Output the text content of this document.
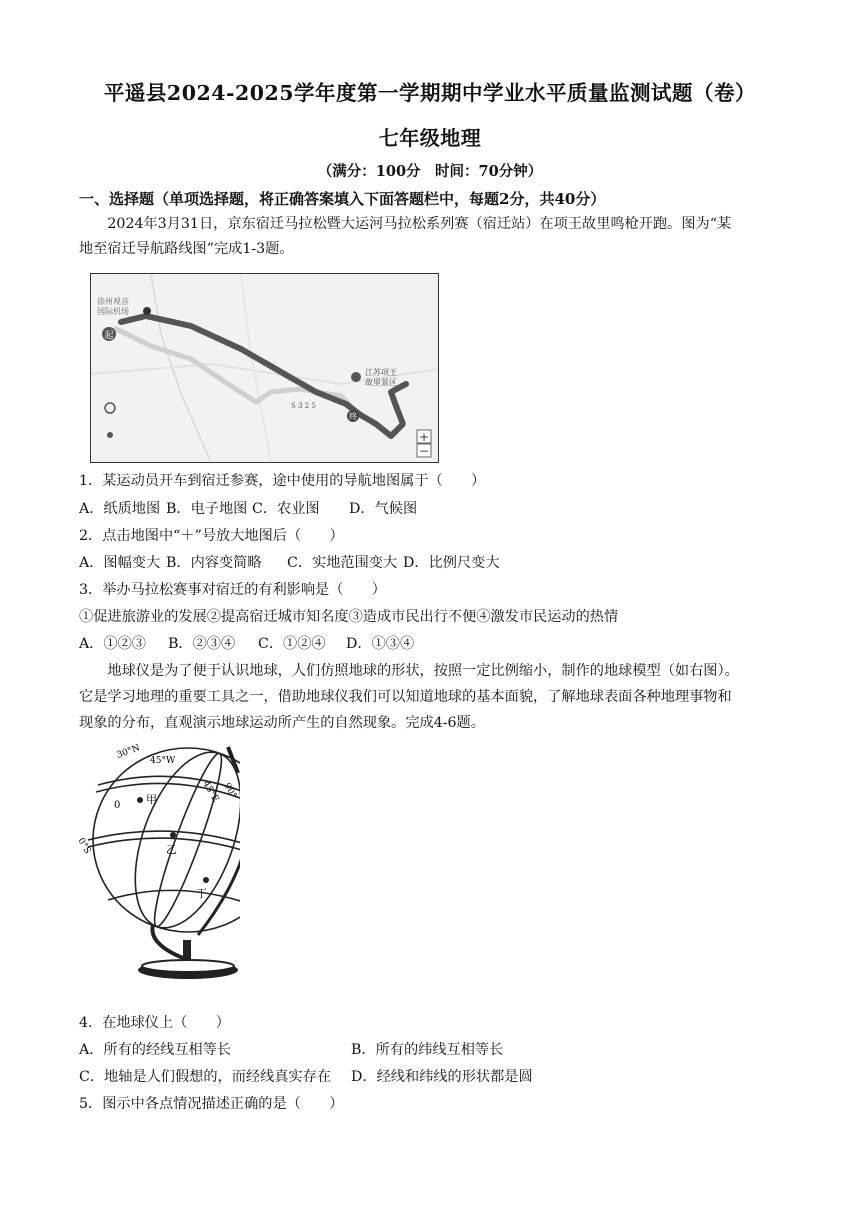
平遥县2024-2025学年度第一学期期中学业水平质量监测试题（卷）
七年级地理
（满分：100分　时间：70分钟）
一、选择题（单项选择题，将正确答案填入下面答题栏中，每题2分，共40分）
2024年3月31日，京东宿迁马拉松暨大运河马拉松系列赛（宿迁站）在项王故里鸣枪开跑。图为“某
地至宿迁导航路线图”完成1-3题。
起
徐州观音
国际机场
终
江苏项王
故里景区
S 3 2 5
+
−
1．某运动员开车到宿迁参赛，途中使用的导航地图属于（　　）
A．纸质地图 B．电子地图 C．农业图 D．气候图
2．点击地图中“＋”号放大地图后（　　）
A．图幅变大 B．内容变简略 C．实地范围变大 D．比例尺变大
3．举办马拉松赛事对宿迁的有利影响是（　　）
①促进旅游业的发展②提高宿迁城市知名度③造成市民出行不便④激发市民运动的热情
A．①②③ B．②③④ C．①②④ D．①③④
地球仪是为了便于认识地球，人们仿照地球的形状，按照一定比例缩小，制作的地球模型（如右图）。
它是学习地理的重要工具之一，借助地球仪我们可以知道地球的基本面貌，了解地球表面各种地理事物和
现象的分布，直观演示地球运动所产生的自然现象。完成4-6题。
30°N
45°W
45°E 90°
0
0°S
甲
乙
丁
4．在地球仪上（　　）
A．所有的经线互相等长	B．所有的纬线互相等长
C．地轴是人们假想的，而经线真实存在 D．经线和纬线的形状都是圆
5．图示中各点情况描述正确的是（　　）
